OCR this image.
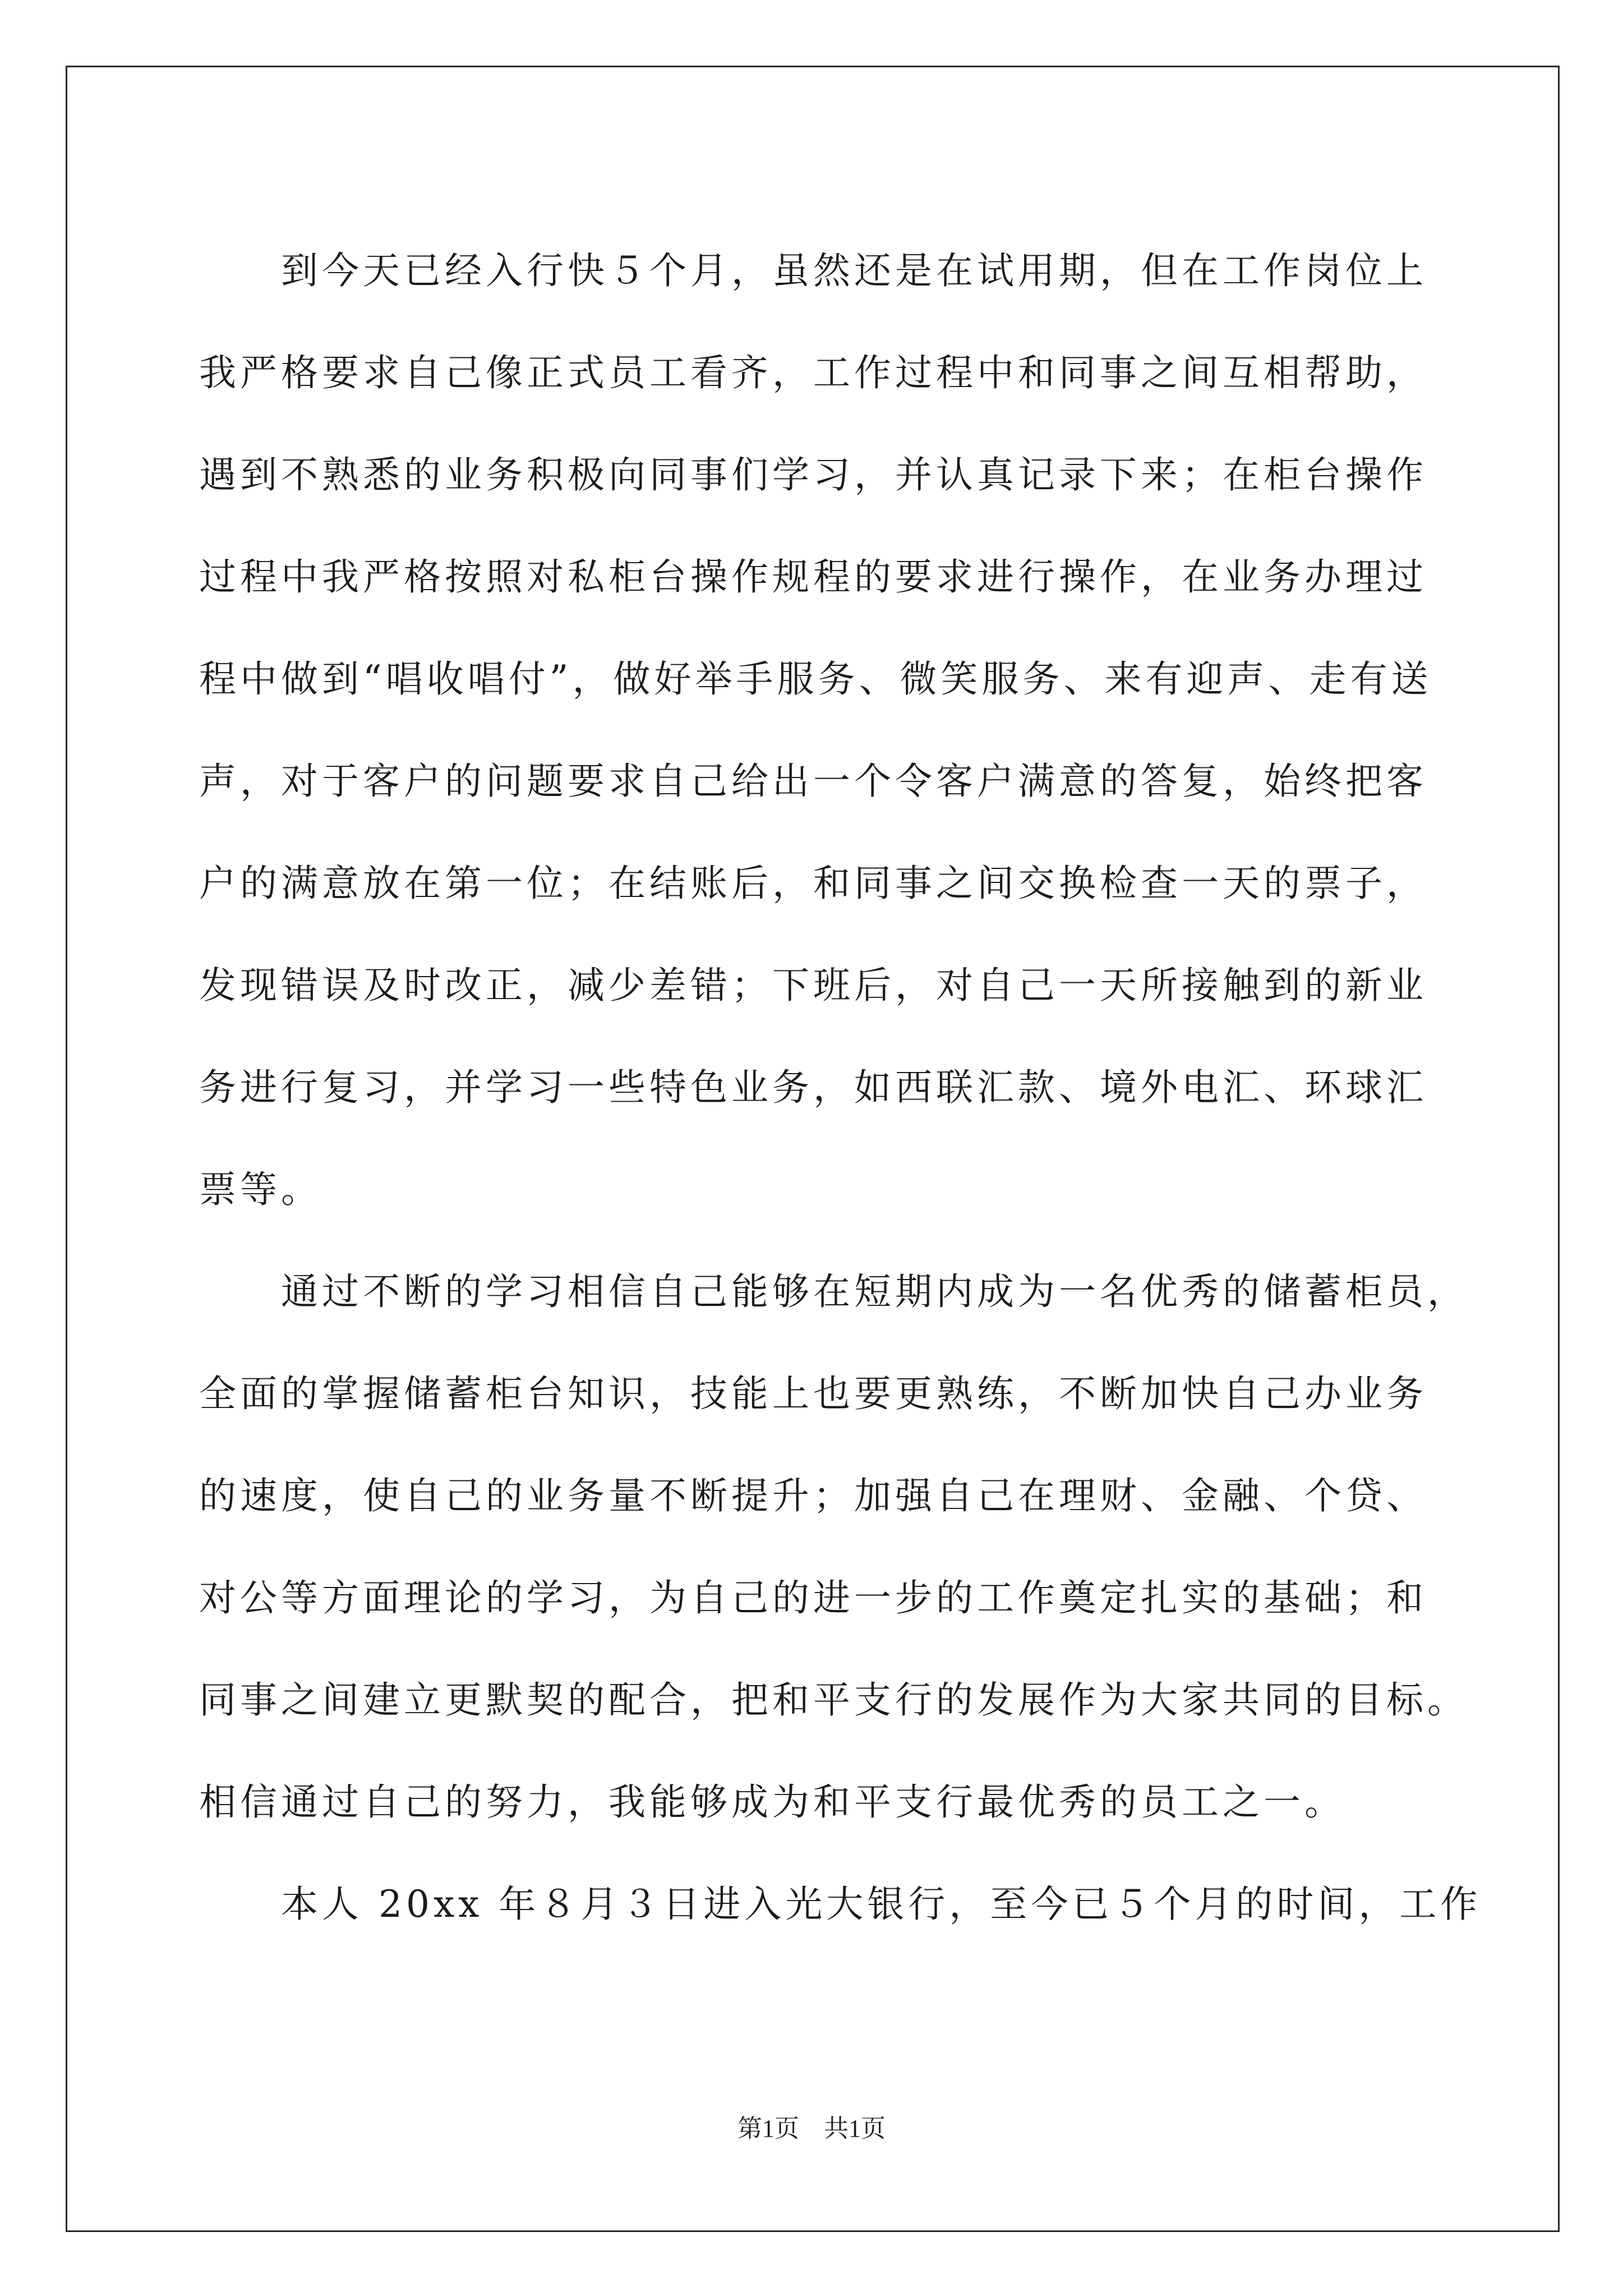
　　到今天已经入行快５个月，虽然还是在试用期，但在工作岗位上
我严格要求自己像正式员工看齐，工作过程中和同事之间互相帮助，
遇到不熟悉的业务积极向同事们学习，并认真记录下来；在柜台操作
过程中我严格按照对私柜台操作规程的要求进行操作，在业务办理过
程中做到“唱收唱付”，做好举手服务、微笑服务、来有迎声、走有送
声，对于客户的问题要求自己给出一个令客户满意的答复，始终把客
户的满意放在第一位；在结账后，和同事之间交换检查一天的票子，
发现错误及时改正，减少差错；下班后，对自己一天所接触到的新业
务进行复习，并学习一些特色业务，如西联汇款、境外电汇、环球汇
票等。
　　通过不断的学习相信自己能够在短期内成为一名优秀的储蓄柜员，
全面的掌握储蓄柜台知识，技能上也要更熟练，不断加快自己办业务
的速度，使自己的业务量不断提升；加强自己在理财、金融、个贷、
对公等方面理论的学习，为自己的进一步的工作奠定扎实的基础；和
同事之间建立更默契的配合，把和平支行的发展作为大家共同的目标。
相信通过自己的努力，我能够成为和平支行最优秀的员工之一。
　　本人 20xx 年８月３日进入光大银行，至今已５个月的时间，工作
第1页　共1页
